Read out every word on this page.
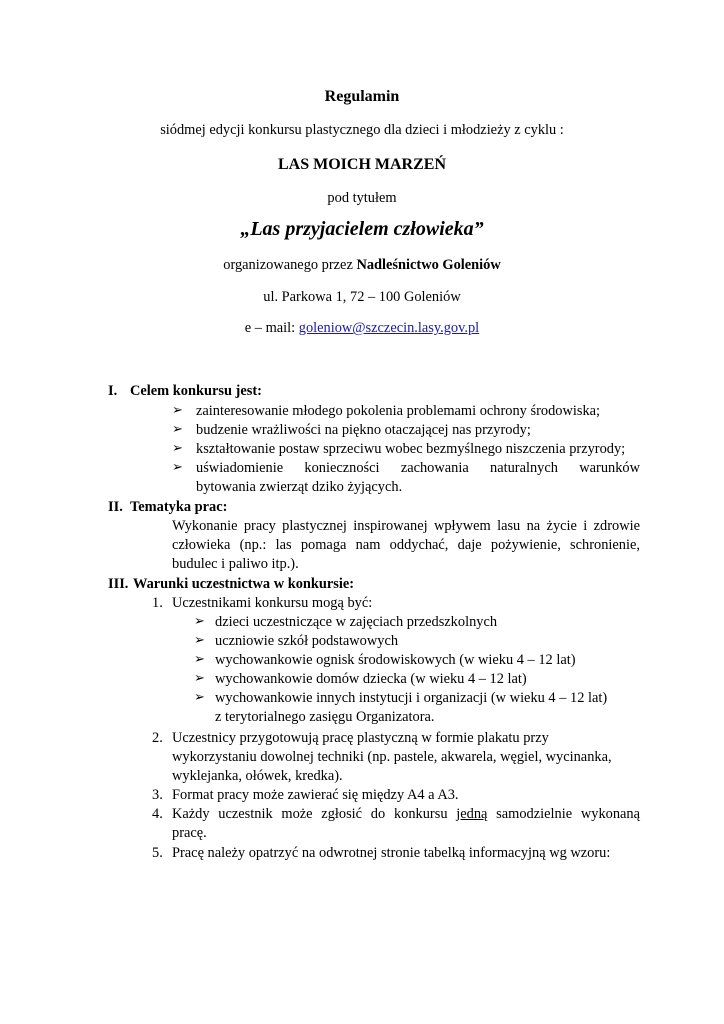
Regulamin
siódmej edycji konkursu plastycznego dla dzieci i młodzieży z cyklu :
LAS MOICH MARZEŃ
pod tytułem
„Las przyjacielem człowieka”
organizowanego przez Nadleśnictwo Goleniów
ul. Parkowa 1, 72 – 100 Goleniów
e – mail: goleniow@szczecin.lasy.gov.pl
I. Celem konkursu jest:
➢ zainteresowanie młodego pokolenia problemami ochrony środowiska;
➢ budzenie wrażliwości na piękno otaczającej nas przyrody;
➢ kształtowanie postaw sprzeciwu wobec bezmyślnego niszczenia przyrody;
➢ uświadomienie konieczności zachowania naturalnych warunków
bytowania zwierząt dziko żyjących.
II. Tematyka prac:
Wykonanie pracy plastycznej inspirowanej wpływem lasu na życie i zdrowie
człowieka (np.: las pomaga nam oddychać, daje pożywienie, schronienie,
budulec i paliwo itp.).
III. Warunki uczestnictwa w konkursie:
1. Uczestnikami konkursu mogą być:
➢ dzieci uczestniczące w zajęciach przedszkolnych
➢ uczniowie szkół podstawowych
➢ wychowankowie ognisk środowiskowych (w wieku 4 – 12 lat)
➢ wychowankowie domów dziecka (w wieku 4 – 12 lat)
➢ wychowankowie innych instytucji i organizacji (w wieku 4 – 12 lat)
z terytorialnego zasięgu Organizatora.
2. Uczestnicy przygotowują pracę plastyczną w formie plakatu przy
wykorzystaniu dowolnej techniki (np. pastele, akwarela, węgiel, wycinanka,
wyklejanka, ołówek, kredka).
3. Format pracy może zawierać się między A4 a A3.
4. Każdy uczestnik może zgłosić do konkursu jedną samodzielnie wykonaną
pracę.
5. Pracę należy opatrzyć na odwrotnej stronie tabelką informacyjną wg wzoru:
